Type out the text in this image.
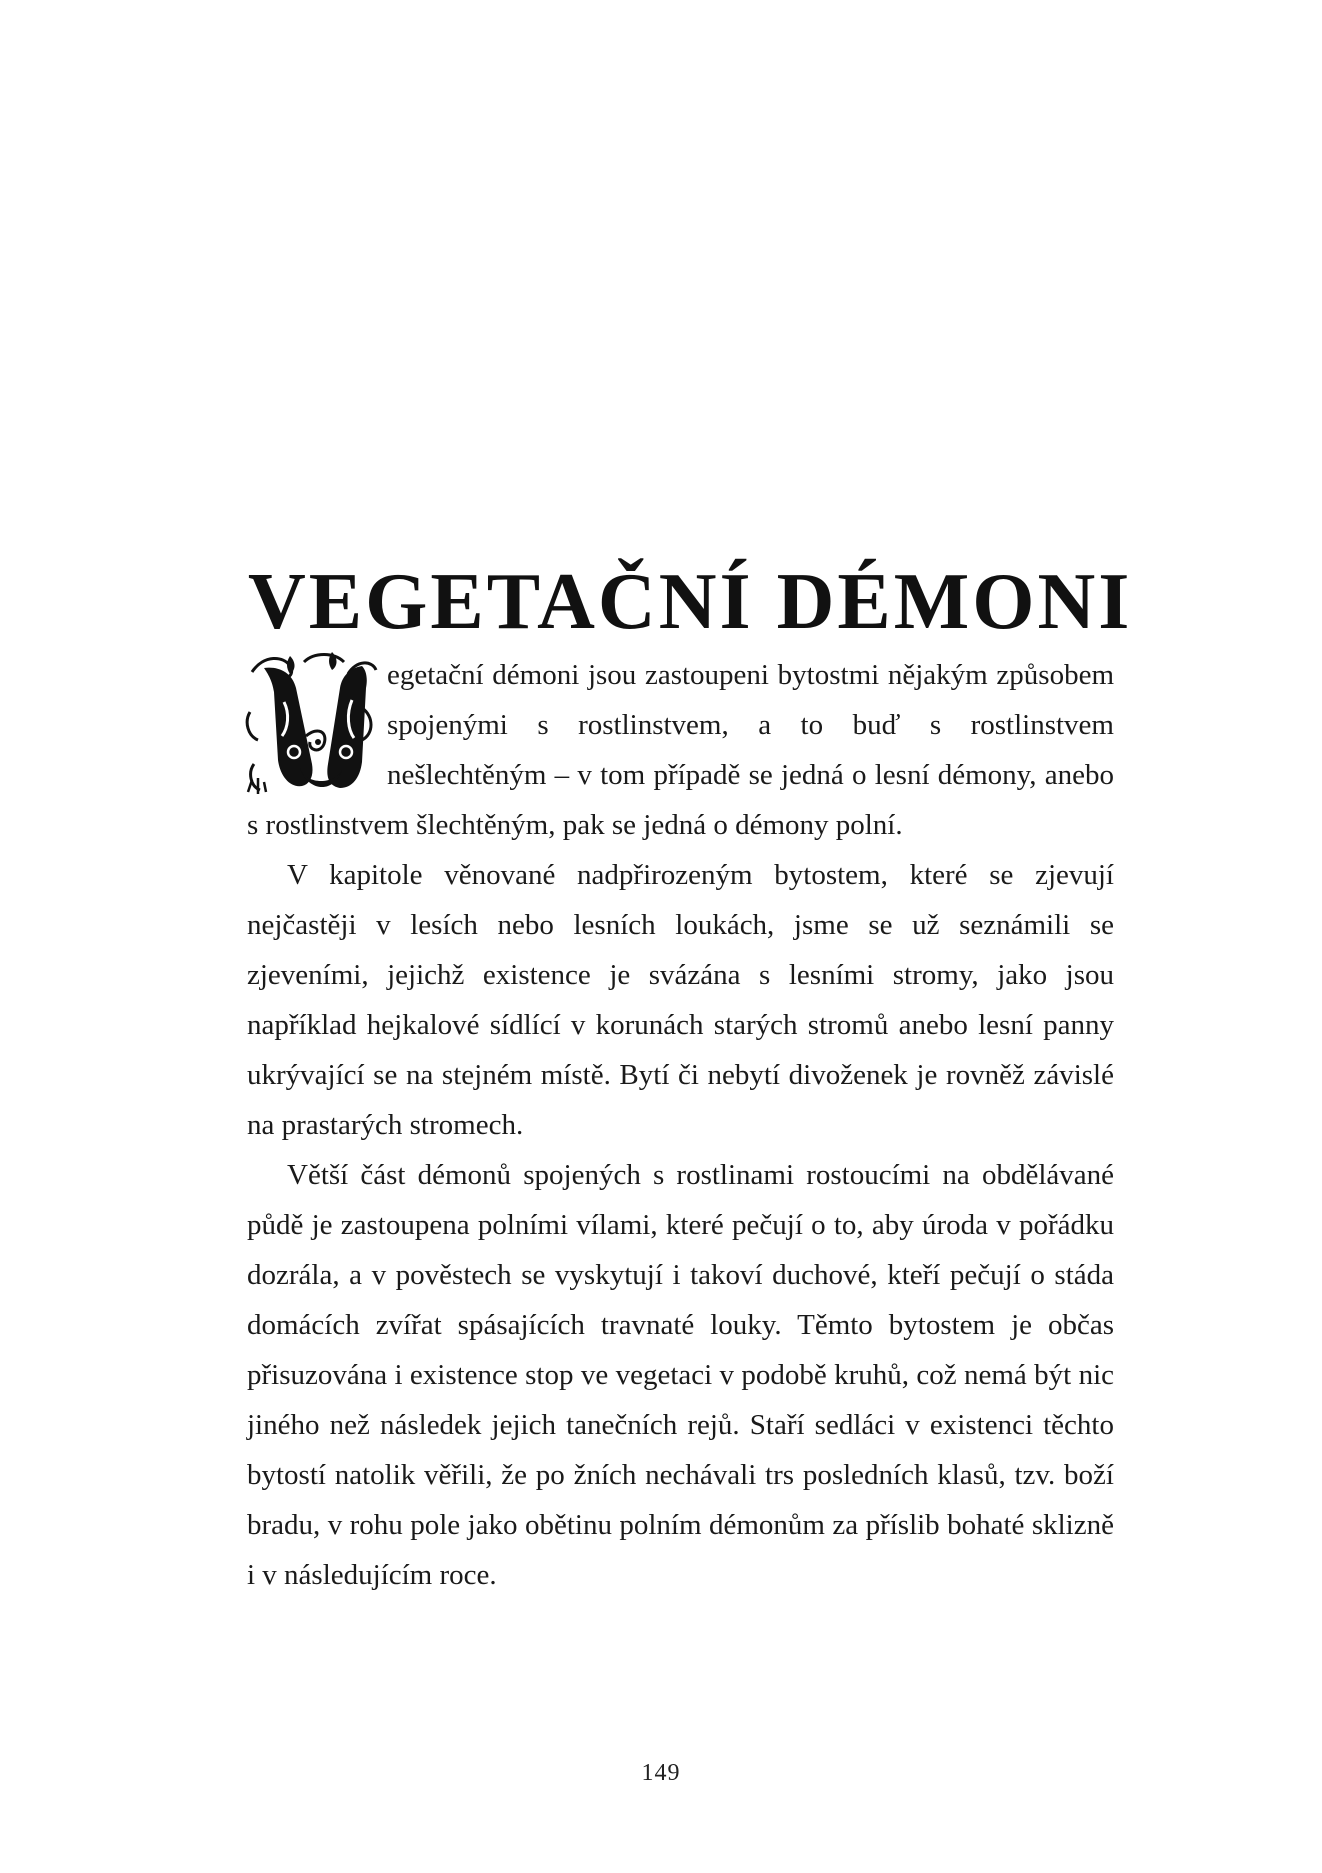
VEGETAČNÍ DÉMONI

egetační démoni jsou zastoupeni bytostmi nějakým způsobem spojenými s rostlinstvem, a to buď s rostlinstvem nešlechtěným – v tom případě se jedná o lesní démony, anebo s rostlinstvem šlechtěným, pak se jedná o démony polní.

V kapitole věnované nadpřirozeným bytostem, které se zjevují nejčastěji v lesích nebo lesních loukách, jsme se už seznámili se zjeveními, jejichž existence je svázána s lesními stromy, jako jsou například hejkalové sídlící v korunách starých stromů anebo lesní panny ukrývající se na stejném místě. Bytí či nebytí divoženek je rovněž závislé na prastarých stromech.

Větší část démonů spojených s rostlinami rostoucími na obdělávané půdě je zastoupena polními vílami, které pečují o to, aby úroda v pořádku dozrála, a v pověstech se vyskytují i takoví duchové, kteří pečují o stáda domácích zvířat spásajících travnaté louky. Těmto bytostem je občas přisuzována i existence stop ve vegetaci v podobě kruhů, což nemá být nic jiného než následek jejich tanečních rejů. Staří sedláci v existenci těchto bytostí natolik věřili, že po žních nechávali trs posledních klasů, tzv. boží bradu, v rohu pole jako obětinu polním démonům za příslib bohaté sklizně i v následujícím roce.

149
